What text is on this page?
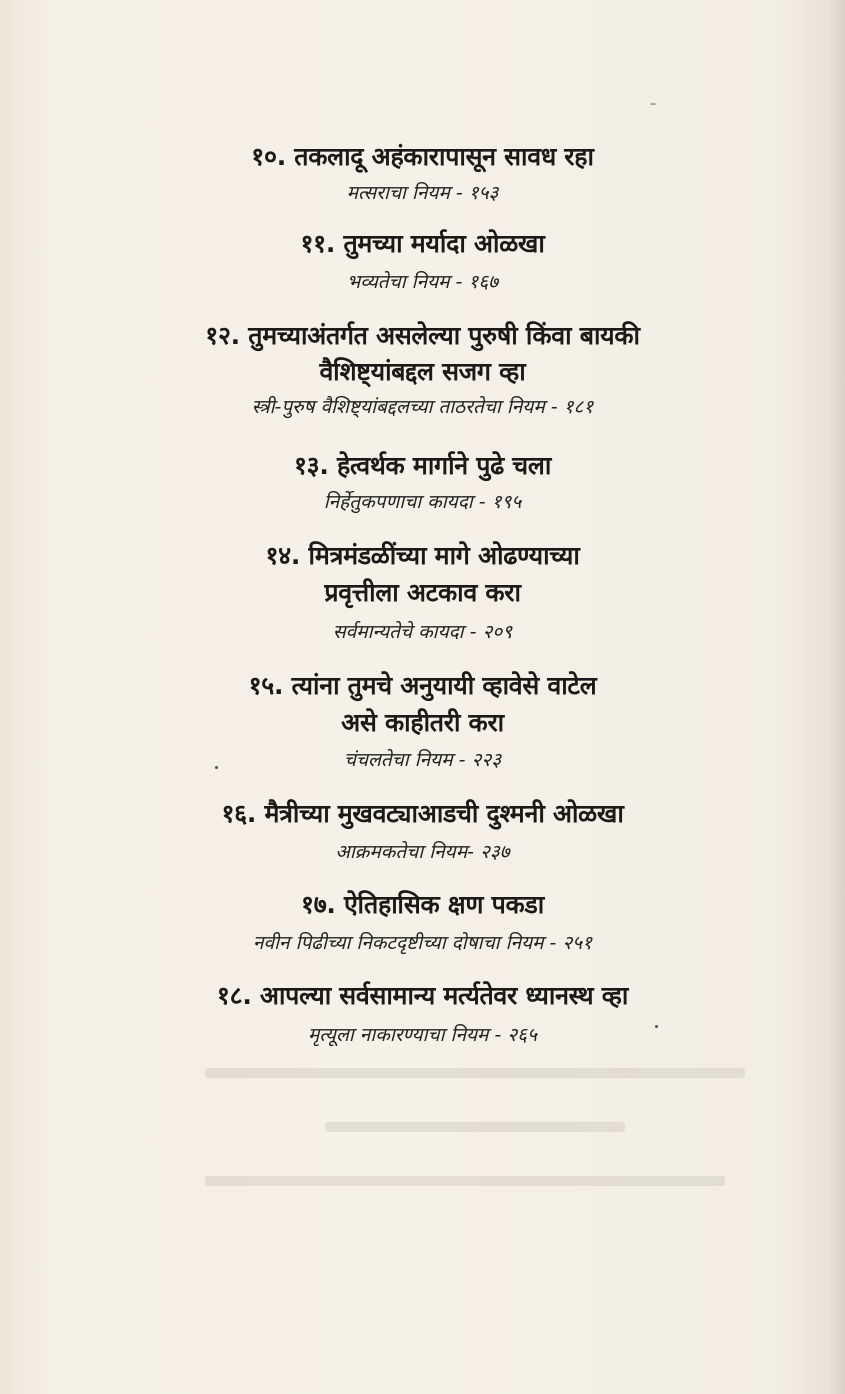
१०. तकलादू अहंकारापासून सावध रहा
मत्सराचा नियम - १५३
११. तुमच्या मर्यादा ओळखा
भव्यतेचा नियम - १६७
१२. तुमच्याअंतर्गत असलेल्या पुरुषी किंवा बायकी
वैशिष्ट्यांबद्दल सजग व्हा
स्त्री-पुरुष वैशिष्ट्यांबद्दलच्या ताठरतेचा नियम - १८१
१३. हेत्वर्थक मार्गाने पुढे चला
निर्हेतुकपणाचा कायदा - १९५
१४. मित्रमंडळींच्या मागे ओढण्याच्या
प्रवृत्तीला अटकाव करा
सर्वमान्यतेचे कायदा - २०९
१५. त्यांना तुमचे अनुयायी व्हावेसे वाटेल
असे काहीतरी करा
चंचलतेचा नियम - २२३
१६. मैत्रीच्या मुखवट्याआडची दुश्मनी ओळखा
आक्रमकतेचा नियम- २३७
१७. ऐतिहासिक क्षण पकडा
नवीन पिढीच्या निकटदृष्टीच्या दोषाचा नियम - २५१
१८. आपल्या सर्वसामान्य मर्त्यतेवर ध्यानस्थ व्हा
मृत्यूला नाकारण्याचा नियम - २६५
